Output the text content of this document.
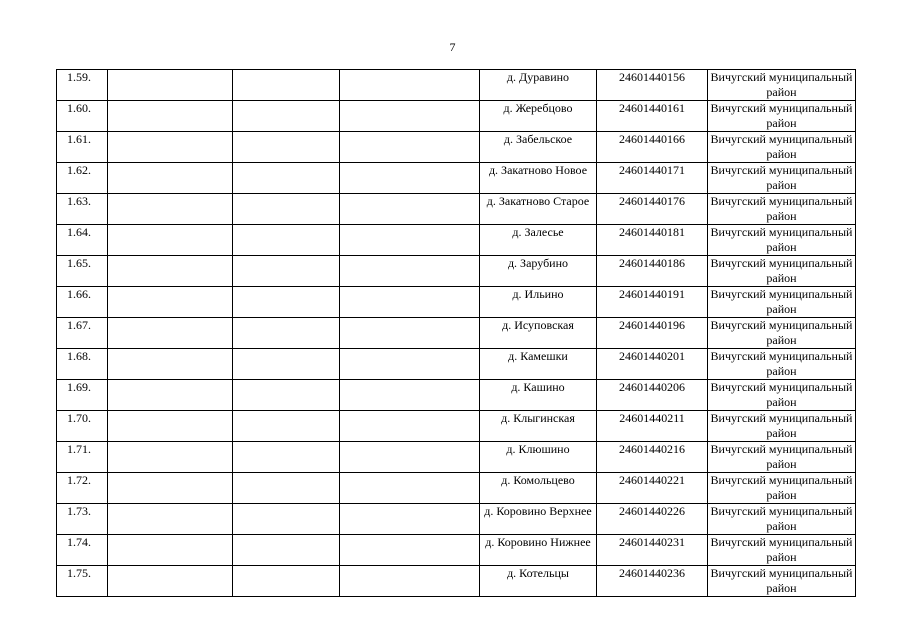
7
1.59.				д. Дуравино	24601440156	Вичугский муниципальный район
1.60.				д. Жеребцово	24601440161	Вичугский муниципальный район
1.61.				д. Забельское	24601440166	Вичугский муниципальный район
1.62.				д. Закатново Новое	24601440171	Вичугский муниципальный район
1.63.				д. Закатново Старое	24601440176	Вичугский муниципальный район
1.64.				д. Залесье	24601440181	Вичугский муниципальный район
1.65.				д. Зарубино	24601440186	Вичугский муниципальный район
1.66.				д. Ильино	24601440191	Вичугский муниципальный район
1.67.				д. Исуповская	24601440196	Вичугский муниципальный район
1.68.				д. Камешки	24601440201	Вичугский муниципальный район
1.69.				д. Кашино	24601440206	Вичугский муниципальный район
1.70.				д. Клыгинская	24601440211	Вичугский муниципальный район
1.71.				д. Клюшино	24601440216	Вичугский муниципальный район
1.72.				д. Комольцево	24601440221	Вичугский муниципальный район
1.73.				д. Коровино Верхнее	24601440226	Вичугский муниципальный район
1.74.				д. Коровино Нижнее	24601440231	Вичугский муниципальный район
1.75.				д. Котельцы	24601440236	Вичугский муниципальный район
